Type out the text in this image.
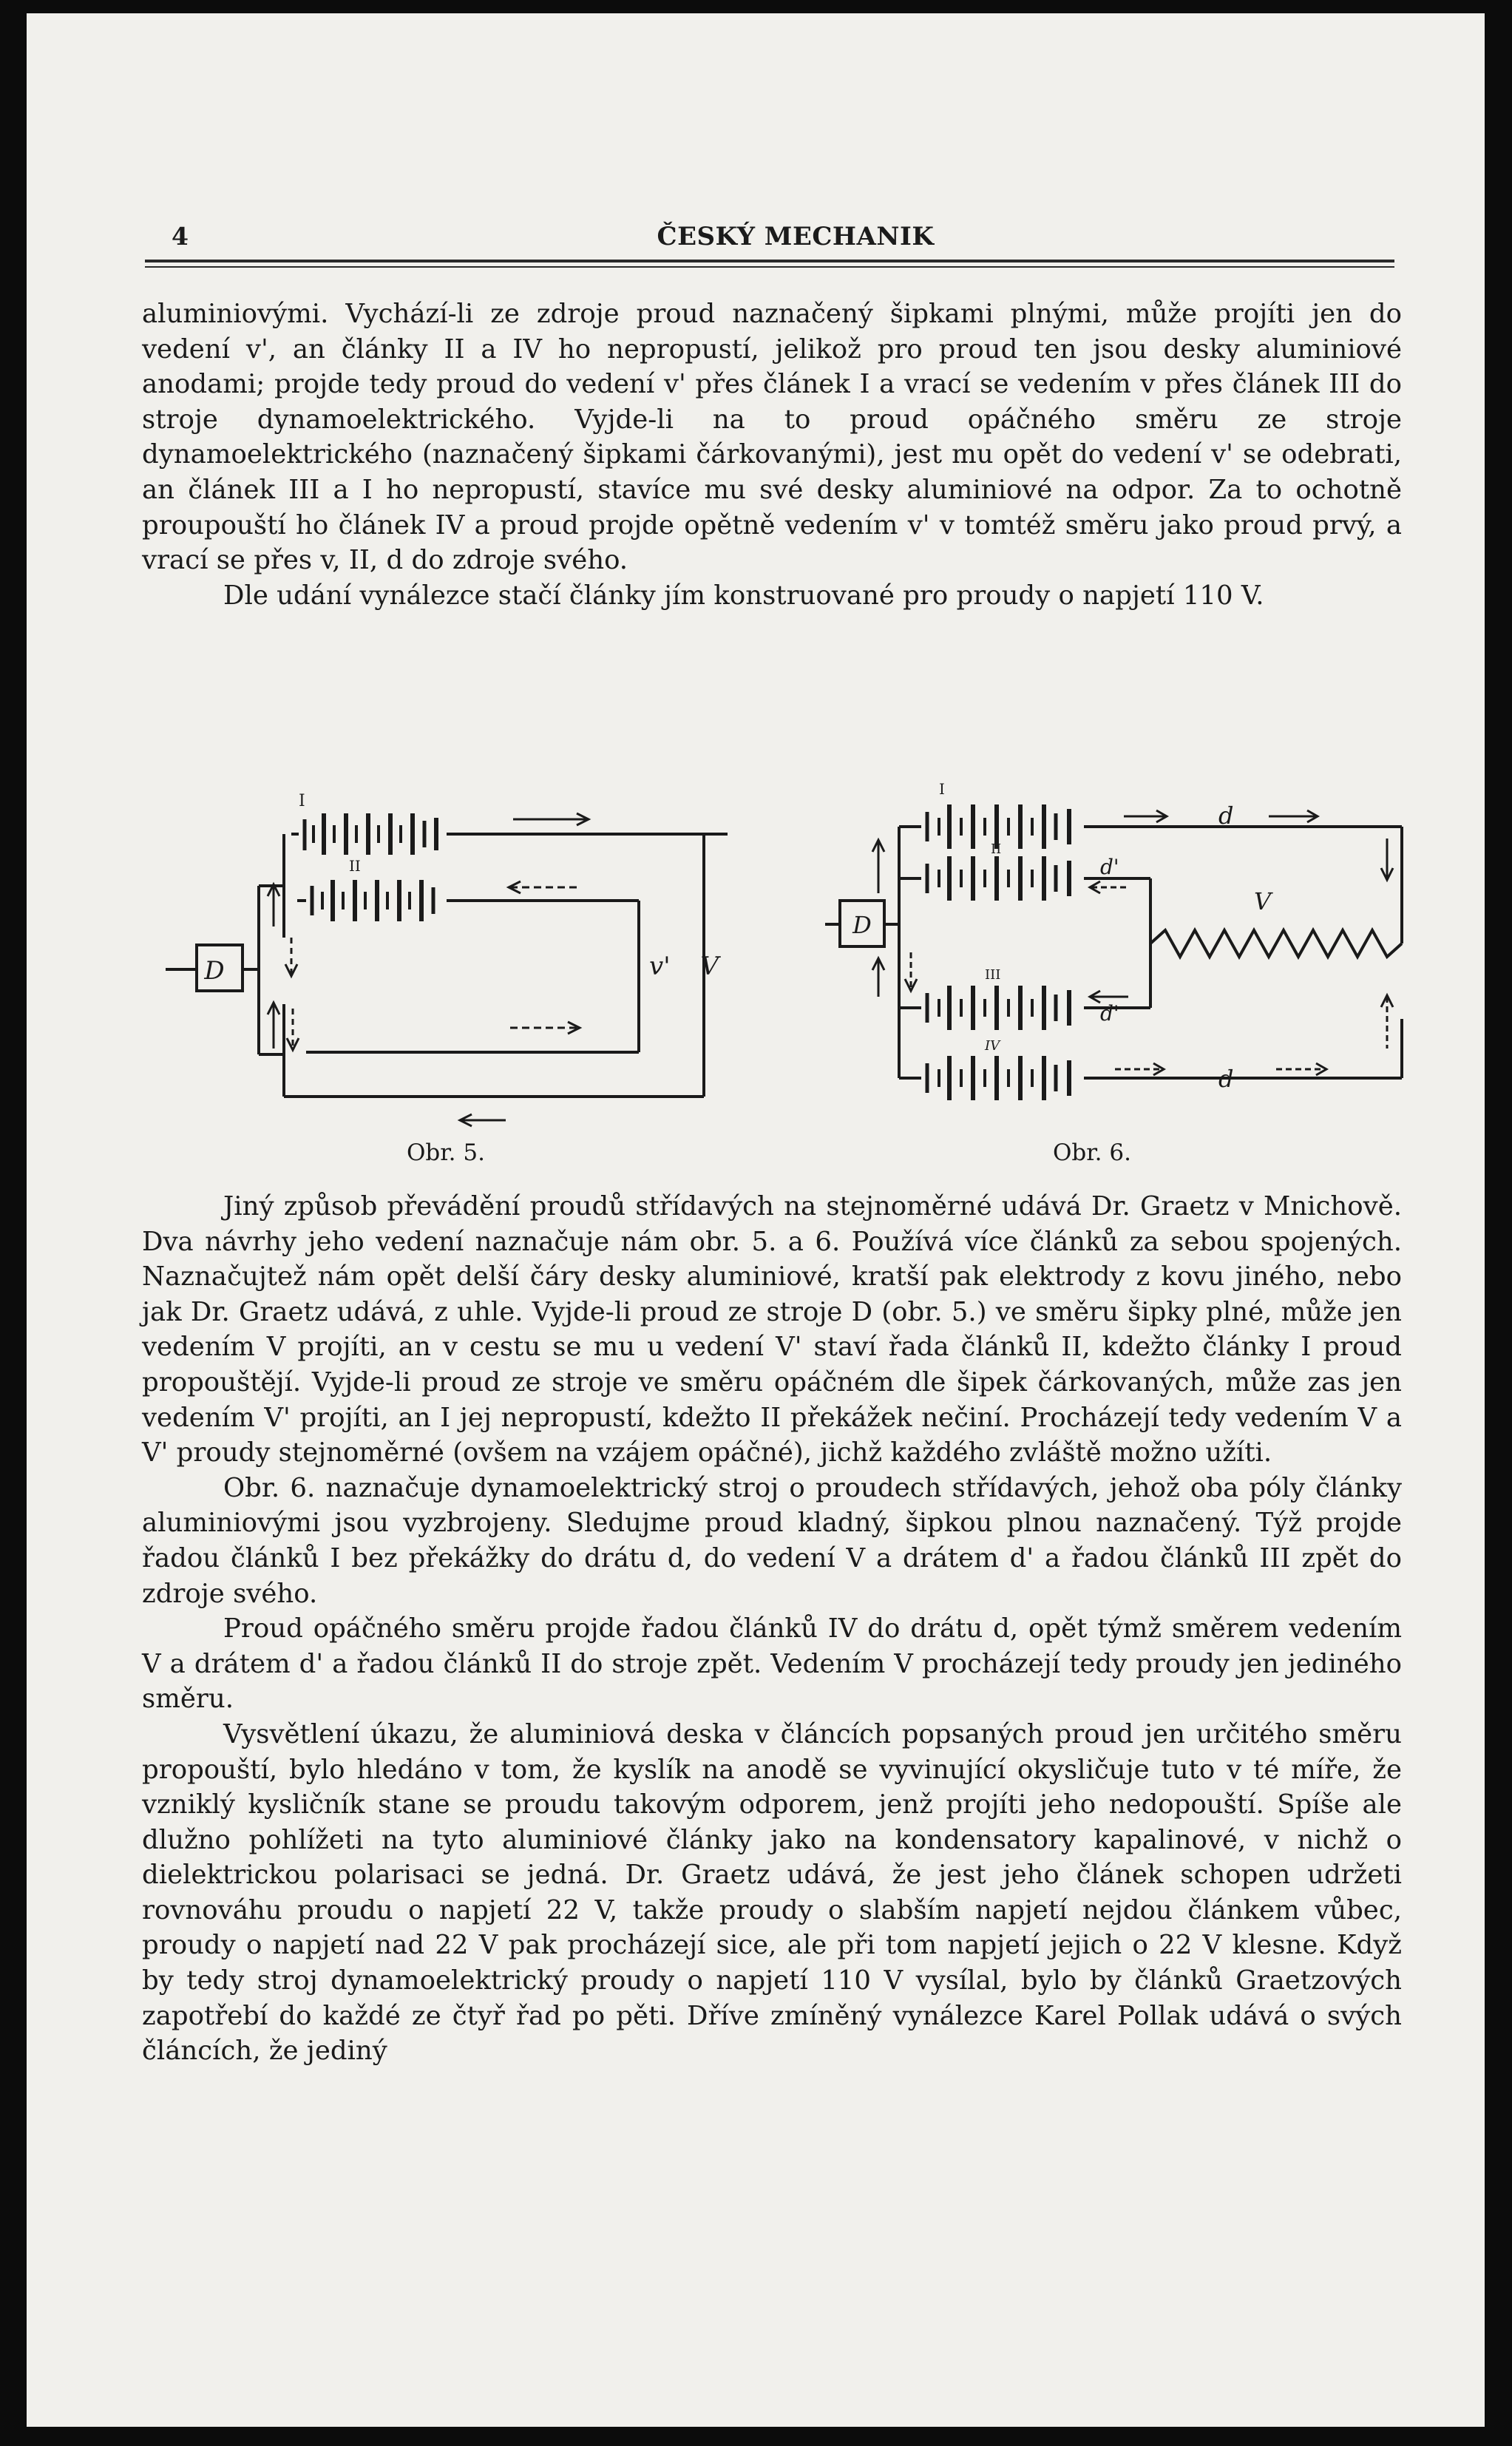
4	ČESKÝ MECHANIK

aluminiovými. Vychází-li ze zdroje proud naznačený šipkami plnými, může projíti jen do vedení v', an články II a IV ho nepropustí, jelikož pro proud ten jsou desky aluminiové anodami; projde tedy proud do vedení v' přes článek I a vrací se vedením v přes článek III do stroje dynamoelektrického. Vyjde-li na to proud opáčného směru ze stroje dynamoelektrického (naznačený šipkami čárkovanými), jest mu opět do vedení v' se odebrati, an článek III a I ho nepropustí, stavíce mu své desky aluminiové na odpor. Za to ochotně proupouští ho článek IV a proud projde opětně vedením v' v tomtéž směru jako proud prvý, a vrací se přes v, II, d do zdroje svého.

Dle udání vynálezce stačí články jím konstruované pro proudy o napjetí 110 V.

D
I
II
v' V
Obr. 5.
D
I
II
III
IV
d
d
d'
d'
V
Obr. 6.

Jiný způsob převádění proudů střídavých na stejnoměrné udává Dr. Graetz v Mnichově. Dva návrhy jeho vedení naznačuje nám obr. 5. a 6. Používá více článků za sebou spojených. Naznačujtež nám opět delší čáry desky aluminiové, kratší pak elektrody z kovu jiného, nebo jak Dr. Graetz udává, z uhle. Vyjde-li proud ze stroje D (obr. 5.) ve směru šipky plné, může jen vedením V projíti, an v cestu se mu u vedení V' staví řada článků II, kdežto články I proud propouštějí. Vyjde-li proud ze stroje ve směru opáčném dle šipek čárkovaných, může zas jen vedením V' projíti, an I jej nepropustí, kdežto II překážek nečiní. Procházejí tedy vedením V a V' proudy stejnoměrné (ovšem na vzájem opáčné), jichž každého zvláště možno užíti.

Obr. 6. naznačuje dynamoelektrický stroj o proudech střídavých, jehož oba póly články aluminiovými jsou vyzbrojeny. Sledujme proud kladný, šipkou plnou naznačený. Týž projde řadou článků I bez překážky do drátu d, do vedení V a drátem d' a řadou článků III zpět do zdroje svého.

Proud opáčného směru projde řadou článků IV do drátu d, opět týmž směrem vedením V a drátem d' a řadou článků II do stroje zpět. Vedením V procházejí tedy proudy jen jediného směru.

Vysvětlení úkazu, že aluminiová deska v článcích popsaných proud jen určitého směru propouští, bylo hledáno v tom, že kyslík na anodě se vyvinující okysličuje tuto v té míře, že vzniklý kysličník stane se proudu takovým odporem, jenž projíti jeho nedopouští. Spíše ale dlužno pohlížeti na tyto aluminiové články jako na kondensatory kapalinové, v nichž o dielektrickou polarisaci se jedná. Dr. Graetz udává, že jest jeho článek schopen udržeti rovnováhu proudu o napjetí 22 V, takže proudy o slabším napjetí nejdou článkem vůbec, proudy o napjetí nad 22 V pak procházejí sice, ale při tom napjetí jejich o 22 V klesne. Když by tedy stroj dynamoelektrický proudy o napjetí 110 V vysílal, bylo by článků Graetzových zapotřebí do každé ze čtyř řad po pěti. Dříve zmíněný vynálezce Karel Pollak udává o svých článcích, že jediný
